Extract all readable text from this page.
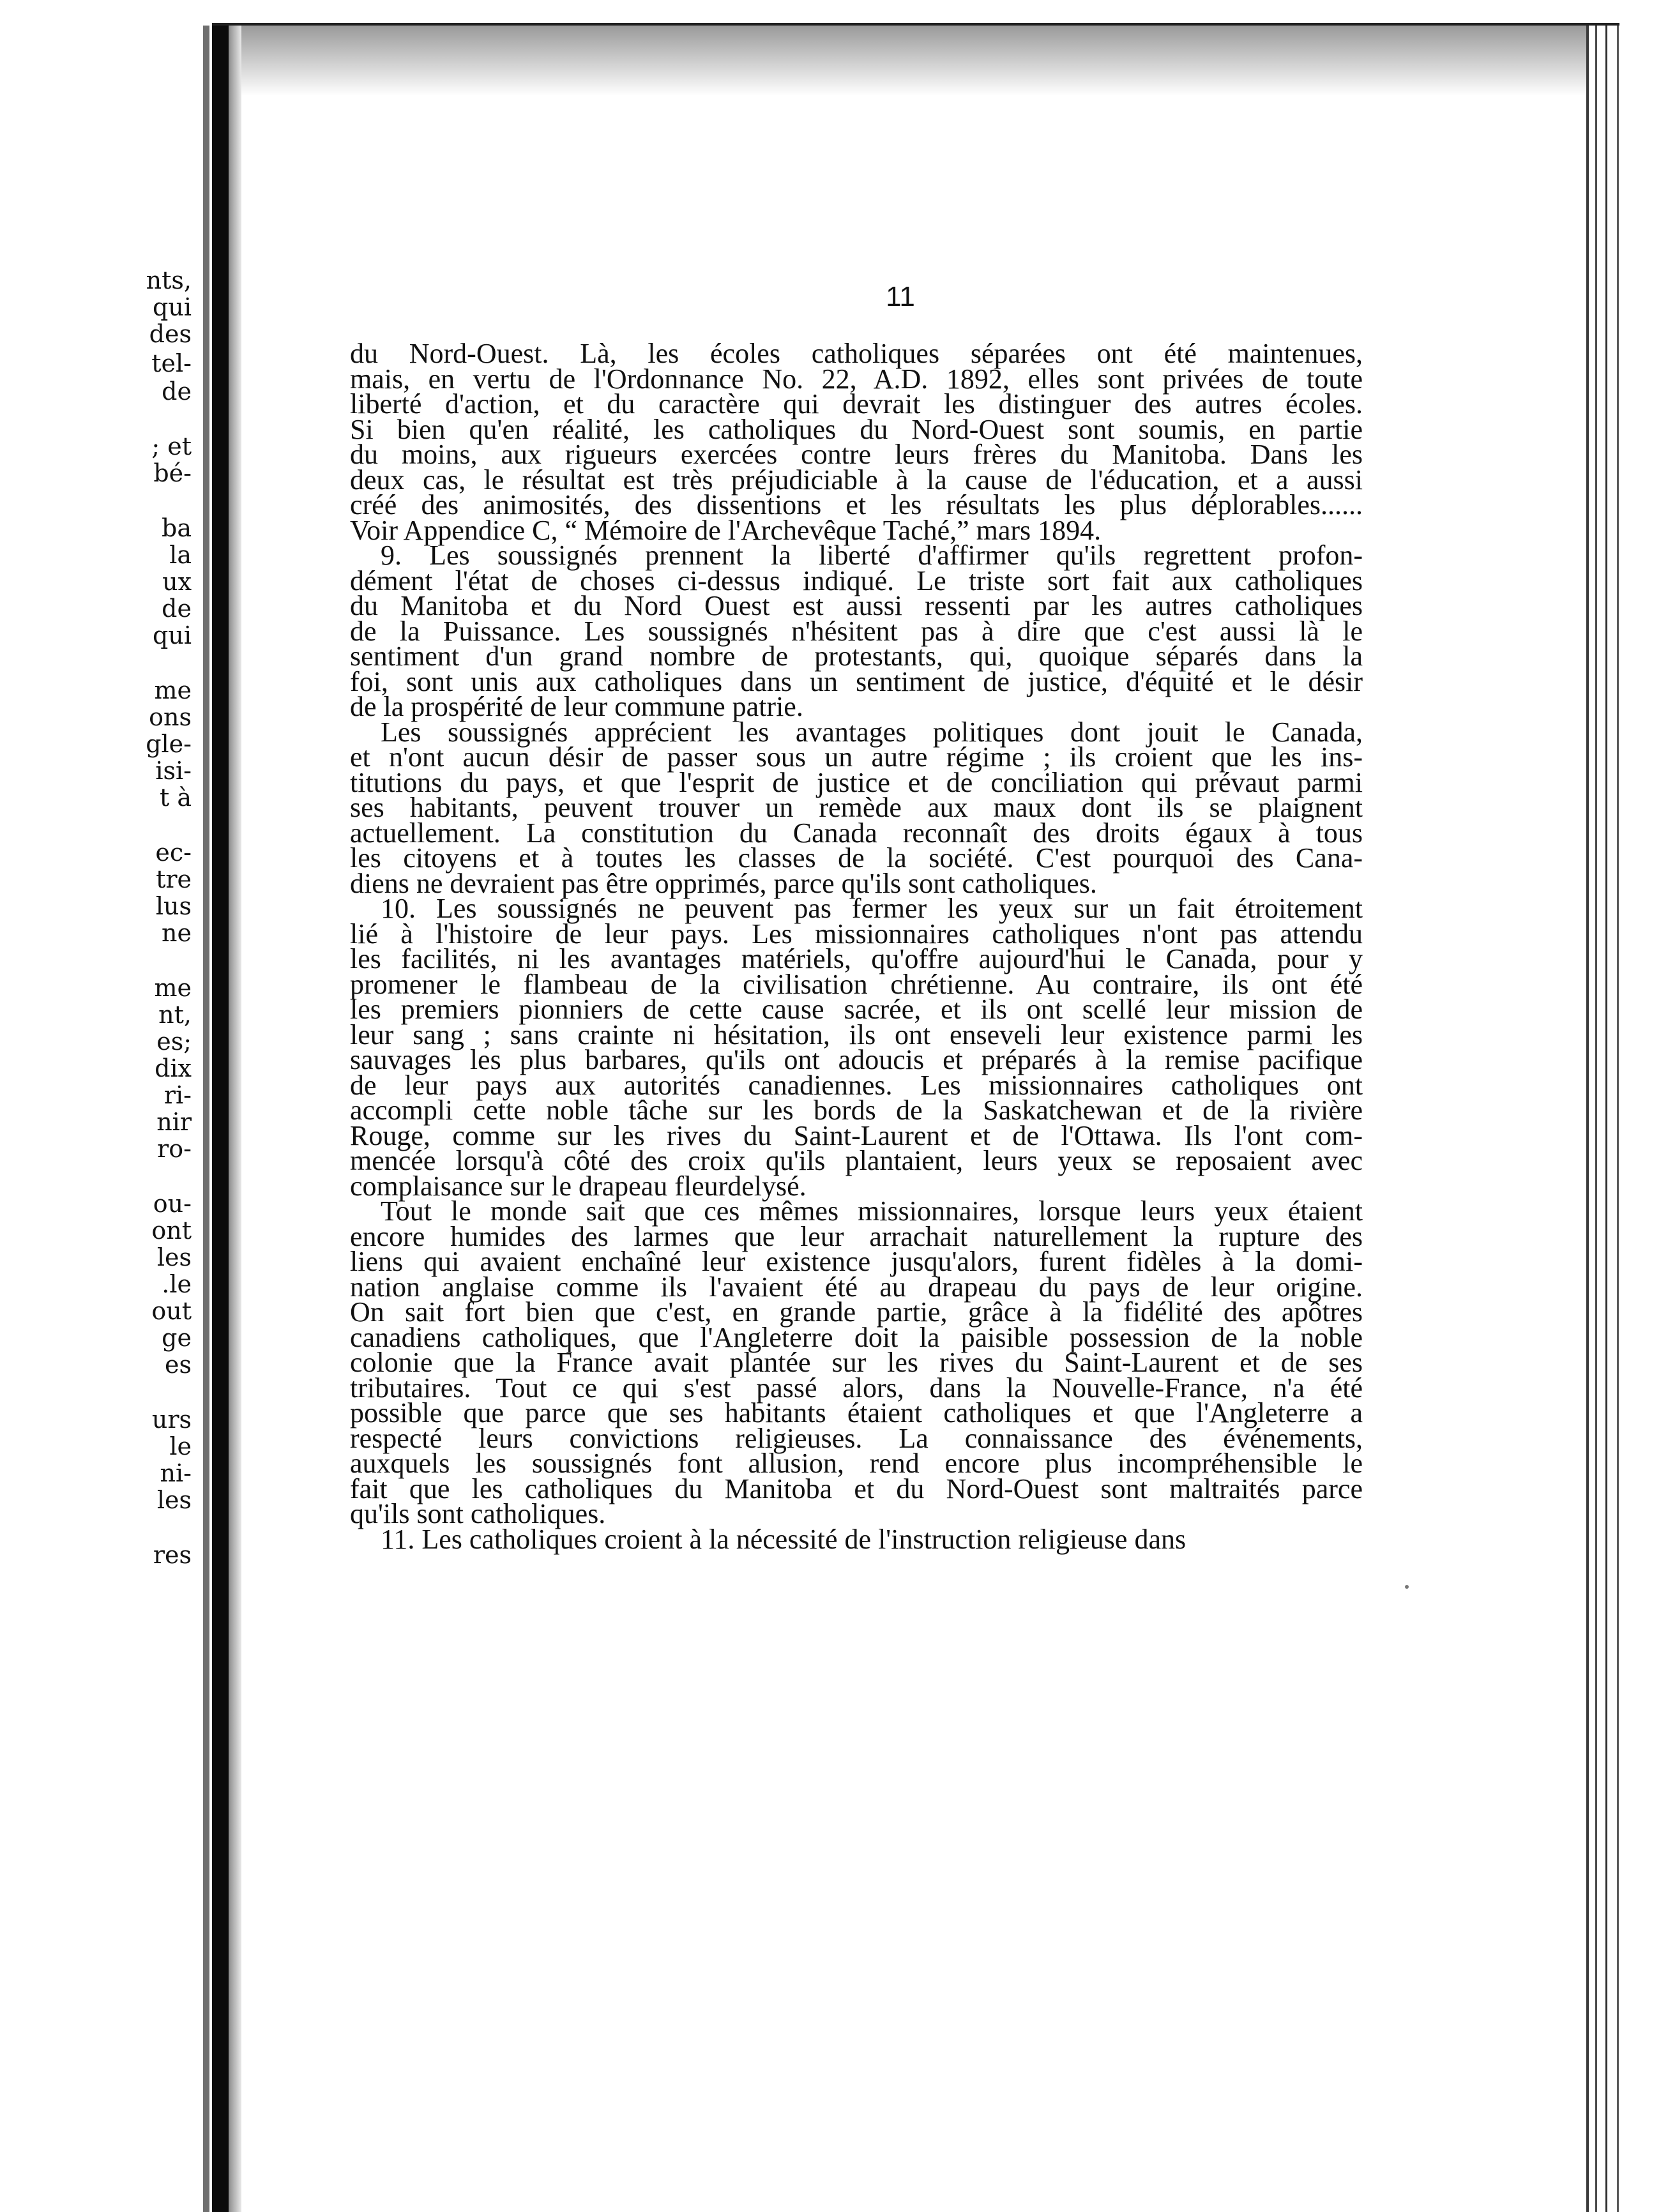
nts,
qui
des
tel-
de
; et
bé-
ba
la
ux
de
qui
me
ons
gle-
isi-
t à
ec-
tre
lus
ne
me
nt,
es;
dix
ri-
nir
ro-
ou-
ont
les
.le
out
ge
es
urs
le
ni-
les
res
11
du Nord-Ouest. Là, les écoles catholiques séparées ont été maintenues,
mais, en vertu de l'Ordonnance No. 22, A.D. 1892, elles sont privées de toute
liberté d'action, et du caractère qui devrait les distinguer des autres écoles.
Si bien qu'en réalité, les catholiques du Nord-Ouest sont soumis, en partie
du moins, aux rigueurs exercées contre leurs frères du Manitoba. Dans les
deux cas, le résultat est très préjudiciable à la cause de l'éducation, et a aussi
créé des animosités, des dissentions et les résultats les plus déplorables......
Voir Appendice C, “ Mémoire de l'Archevêque Taché,” mars 1894.
9. Les soussignés prennent la liberté d'affirmer qu'ils regrettent profon-
dément l'état de choses ci-dessus indiqué. Le triste sort fait aux catholiques
du Manitoba et du Nord Ouest est aussi ressenti par les autres catholiques
de la Puissance. Les soussignés n'hésitent pas à dire que c'est aussi là le
sentiment d'un grand nombre de protestants, qui, quoique séparés dans la
foi, sont unis aux catholiques dans un sentiment de justice, d'équité et le désir
de la prospérité de leur commune patrie.
Les soussignés apprécient les avantages politiques dont jouit le Canada,
et n'ont aucun désir de passer sous un autre régime ; ils croient que les ins-
titutions du pays, et que l'esprit de justice et de conciliation qui prévaut parmi
ses habitants, peuvent trouver un remède aux maux dont ils se plaignent
actuellement. La constitution du Canada reconnaît des droits égaux à tous
les citoyens et à toutes les classes de la société. C'est pourquoi des Cana-
diens ne devraient pas être opprimés, parce qu'ils sont catholiques.
10. Les soussignés ne peuvent pas fermer les yeux sur un fait étroitement
lié à l'histoire de leur pays. Les missionnaires catholiques n'ont pas attendu
les facilités, ni les avantages matériels, qu'offre aujourd'hui le Canada, pour y
promener le flambeau de la civilisation chrétienne. Au contraire, ils ont été
les premiers pionniers de cette cause sacrée, et ils ont scellé leur mission de
leur sang ; sans crainte ni hésitation, ils ont enseveli leur existence parmi les
sauvages les plus barbares, qu'ils ont adoucis et préparés à la remise pacifique
de leur pays aux autorités canadiennes. Les missionnaires catholiques ont
accompli cette noble tâche sur les bords de la Saskatchewan et de la rivière
Rouge, comme sur les rives du Saint-Laurent et de l'Ottawa. Ils l'ont com-
mencée lorsqu'à côté des croix qu'ils plantaient, leurs yeux se reposaient avec
complaisance sur le drapeau fleurdelysé.
Tout le monde sait que ces mêmes missionnaires, lorsque leurs yeux étaient
encore humides des larmes que leur arrachait naturellement la rupture des
liens qui avaient enchaîné leur existence jusqu'alors, furent fidèles à la domi-
nation anglaise comme ils l'avaient été au drapeau du pays de leur origine.
On sait fort bien que c'est, en grande partie, grâce à la fidélité des apôtres
canadiens catholiques, que l'Angleterre doit la paisible possession de la noble
colonie que la France avait plantée sur les rives du Saint-Laurent et de ses
tributaires. Tout ce qui s'est passé alors, dans la Nouvelle-France, n'a été
possible que parce que ses habitants étaient catholiques et que l'Angleterre a
respecté leurs convictions religieuses. La connaissance des événements,
auxquels les soussignés font allusion, rend encore plus incompréhensible le
fait que les catholiques du Manitoba et du Nord-Ouest sont maltraités parce
qu'ils sont catholiques.
11. Les catholiques croient à la nécessité de l'instruction religieuse dans
